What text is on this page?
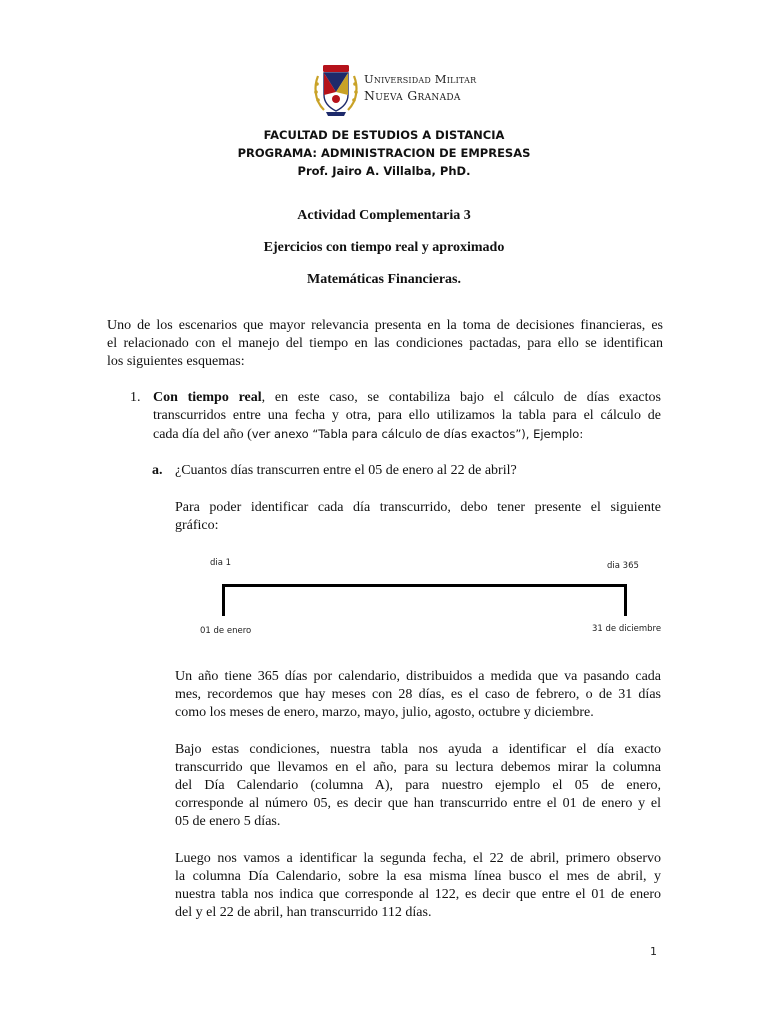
Universidad Militar
Nueva Granada
FACULTAD DE ESTUDIOS A DISTANCIA
PROGRAMA: ADMINISTRACION DE EMPRESAS
Prof. Jairo A. Villalba, PhD.
Actividad Complementaria 3
Ejercicios con tiempo real y aproximado
Matemáticas Financieras.
Uno de los escenarios que mayor relevancia presenta en la toma de decisiones financieras, es
el relacionado con el manejo del tiempo en las condiciones pactadas, para ello se identifican
los siguientes esquemas:
1. Con tiempo real, en este caso, se contabiliza bajo el cálculo de días exactos
transcurridos entre una fecha y otra, para ello utilizamos la tabla para el cálculo de
cada día del año (ver anexo “Tabla para cálculo de días exactos”), Ejemplo:
a. ¿Cuantos días transcurren entre el 05 de enero al 22 de abril?
Para poder identificar cada día transcurrido, debo tener presente el siguiente
gráfico:
dia 1	dia 365
01 de enero	31 de diciembre
Un año tiene 365 días por calendario, distribuidos a medida que va pasando cada
mes, recordemos que hay meses con 28 días, es el caso de febrero, o de 31 días
como los meses de enero, marzo, mayo, julio, agosto, octubre y diciembre.
Bajo estas condiciones, nuestra tabla nos ayuda a identificar el día exacto
transcurrido que llevamos en el año, para su lectura debemos mirar la columna
del Día Calendario (columna A), para nuestro ejemplo el 05 de enero,
corresponde al número 05, es decir que han transcurrido entre el 01 de enero y el
05 de enero 5 días.
Luego nos vamos a identificar la segunda fecha, el 22 de abril, primero observo
la columna Día Calendario, sobre la esa misma línea busco el mes de abril, y
nuestra tabla nos indica que corresponde al 122, es decir que entre el 01 de enero
del y el 22 de abril, han transcurrido 112 días.
1
